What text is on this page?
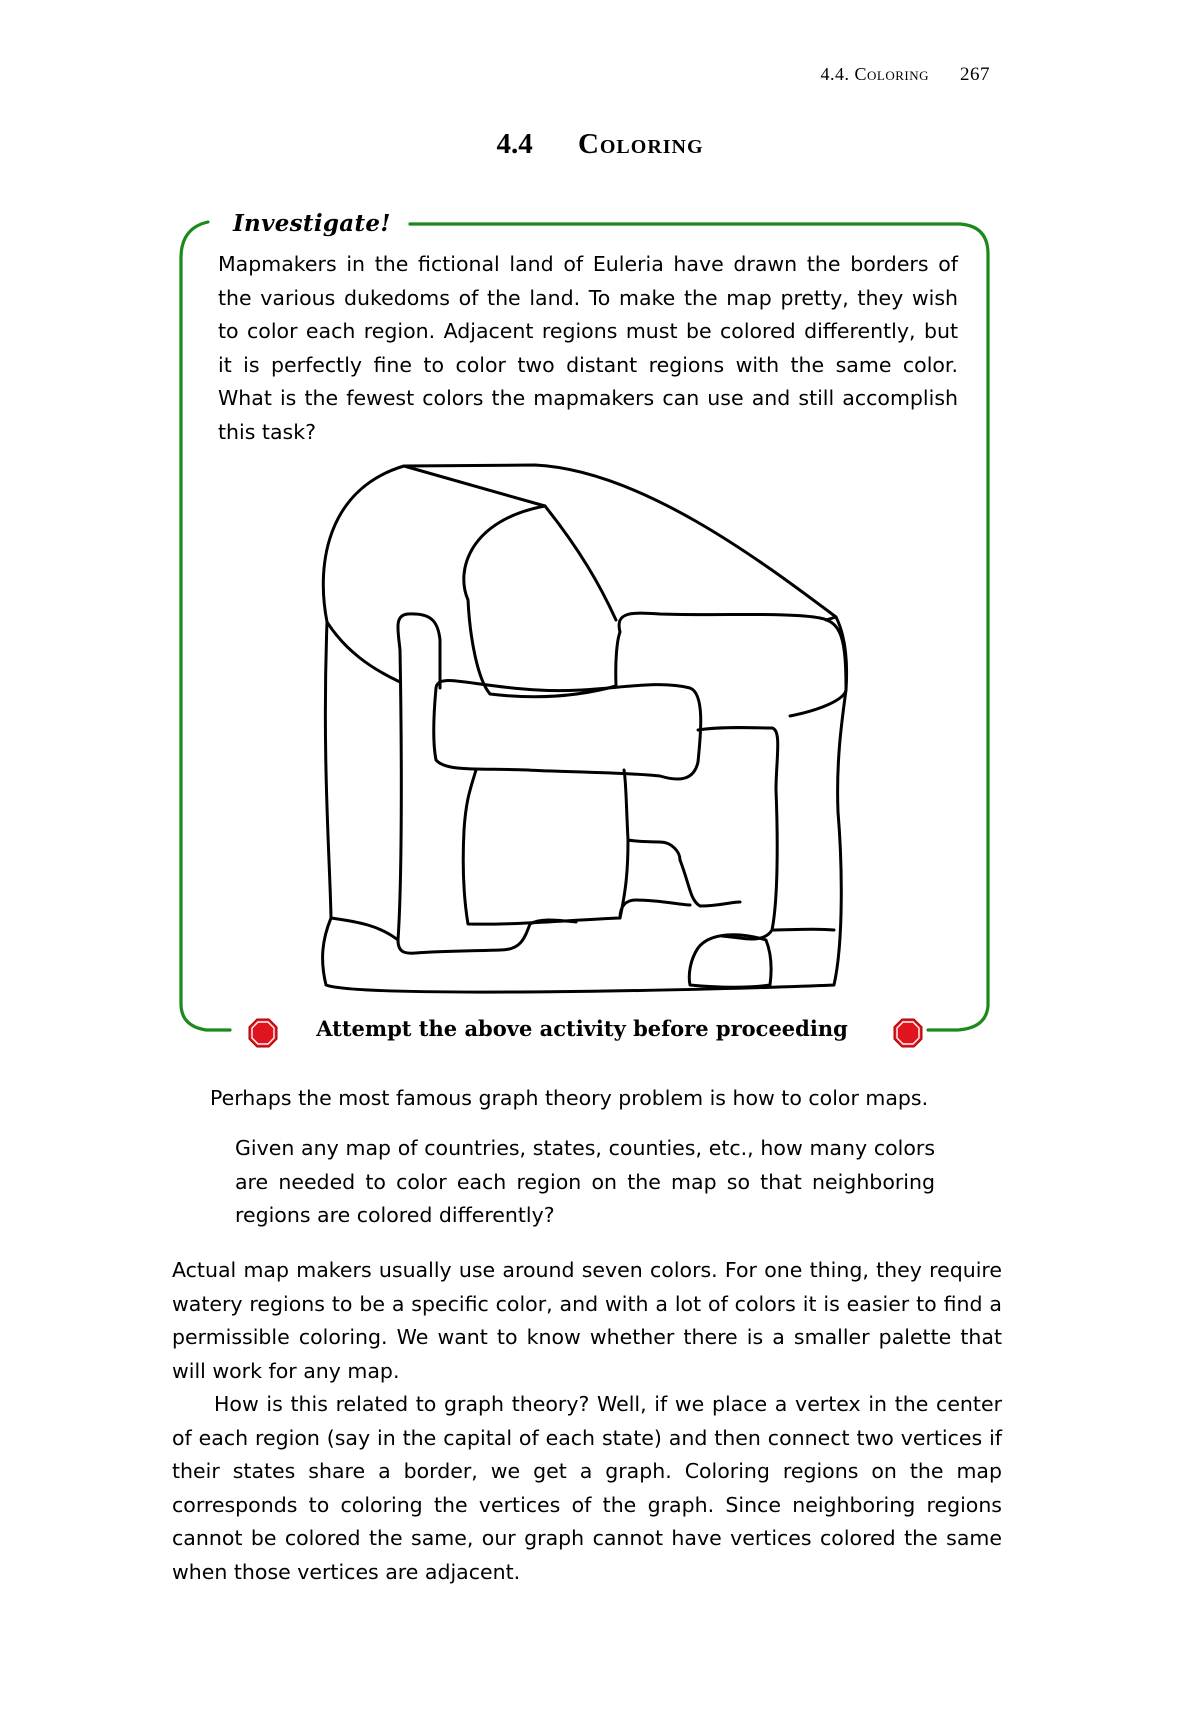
4.4. Coloring 267
4.4 Coloring
Investigate!

Mapmakers in the fictional land of Euleria have drawn the borders of the various dukedoms of the land. To make the map pretty, they wish to color each region. Adjacent regions must be colored differently, but it is perfectly fine to color two distant regions with the same color. What is the fewest colors the mapmakers can use and still accomplish this task?

Attempt the above activity before proceeding

Perhaps the most famous graph theory problem is how to color maps.

Given any map of countries, states, counties, etc., how many colors are needed to color each region on the map so that neighboring regions are colored differently?

Actual map makers usually use around seven colors. For one thing, they require watery regions to be a specific color, and with a lot of colors it is easier to find a permissible coloring. We want to know whether there is a smaller palette that will work for any map.

How is this related to graph theory? Well, if we place a vertex in the center of each region (say in the capital of each state) and then connect two vertices if their states share a border, we get a graph. Coloring regions on the map corresponds to coloring the vertices of the graph. Since neighboring regions cannot be colored the same, our graph cannot have vertices colored the same when those vertices are adjacent.
